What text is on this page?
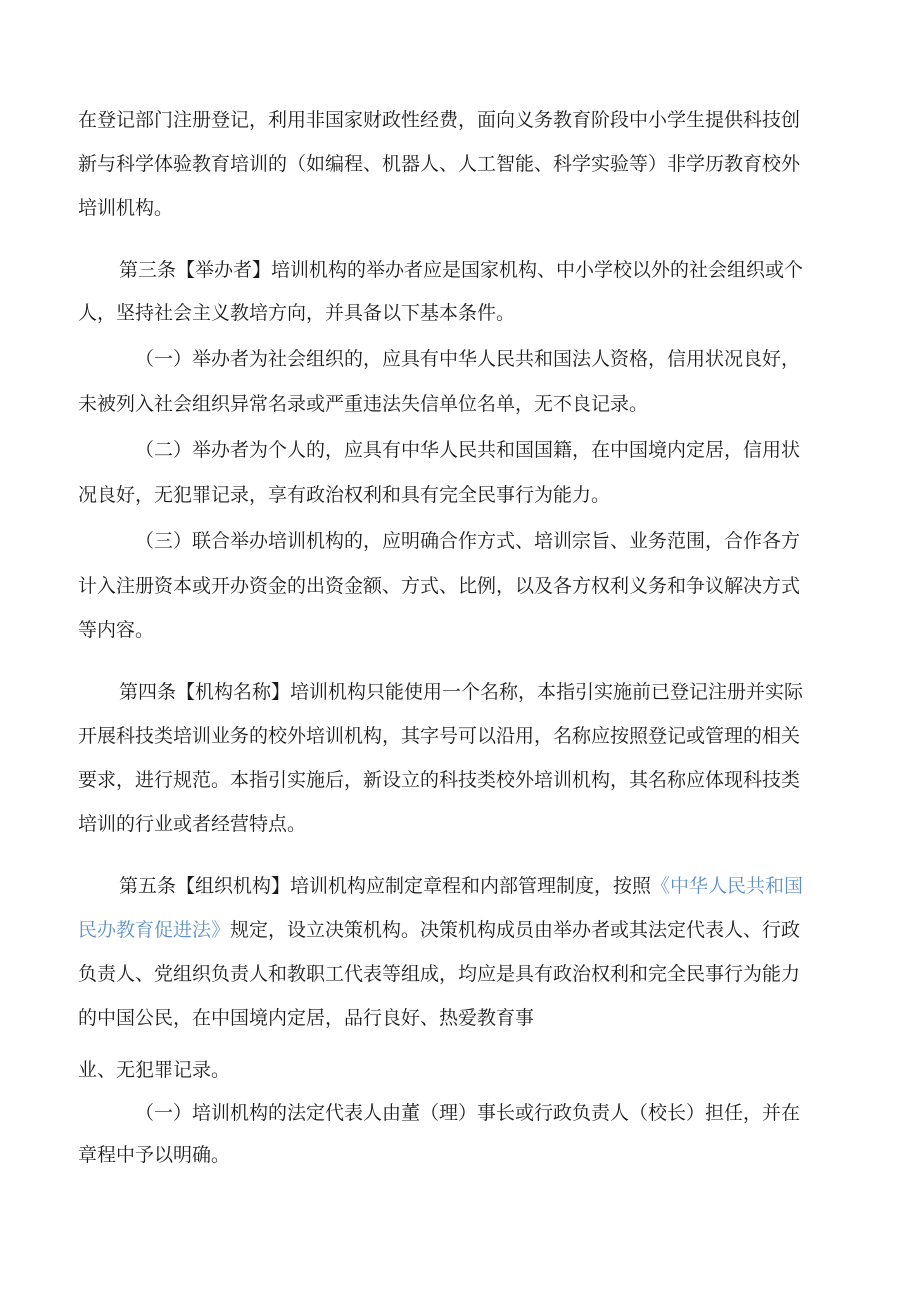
在登记部门注册登记，利用非国家财政性经费，面向义务教育阶段中小学生提供科技创
新与科学体验教育培训的（如编程、机器人、人工智能、科学实验等）非学历教育校外
培训机构。
第三条【举办者】培训机构的举办者应是国家机构、中小学校以外的社会组织或个
人，坚持社会主义教培方向，并具备以下基本条件。
（一）举办者为社会组织的，应具有中华人民共和国法人资格，信用状况良好，
未被列入社会组织异常名录或严重违法失信单位名单，无不良记录。
（二）举办者为个人的，应具有中华人民共和国国籍，在中国境内定居，信用状
况良好，无犯罪记录，享有政治权利和具有完全民事行为能力。
（三）联合举办培训机构的，应明确合作方式、培训宗旨、业务范围，合作各方
计入注册资本或开办资金的出资金额、方式、比例，以及各方权利义务和争议解决方式
等内容。
第四条【机构名称】培训机构只能使用一个名称，本指引实施前已登记注册并实际
开展科技类培训业务的校外培训机构，其字号可以沿用，名称应按照登记或管理的相关
要求，进行规范。本指引实施后，新设立的科技类校外培训机构，其名称应体现科技类
培训的行业或者经营特点。
第五条【组织机构】培训机构应制定章程和内部管理制度，按照《中华人民共和国
民办教育促进法》规定，设立决策机构。决策机构成员由举办者或其法定代表人、行政
负责人、党组织负责人和教职工代表等组成，均应是具有政治权利和完全民事行为能力
的中国公民，在中国境内定居，品行良好、热爱教育事
业、无犯罪记录。
（一）培训机构的法定代表人由董（理）事长或行政负责人（校长）担任，并在
章程中予以明确。
